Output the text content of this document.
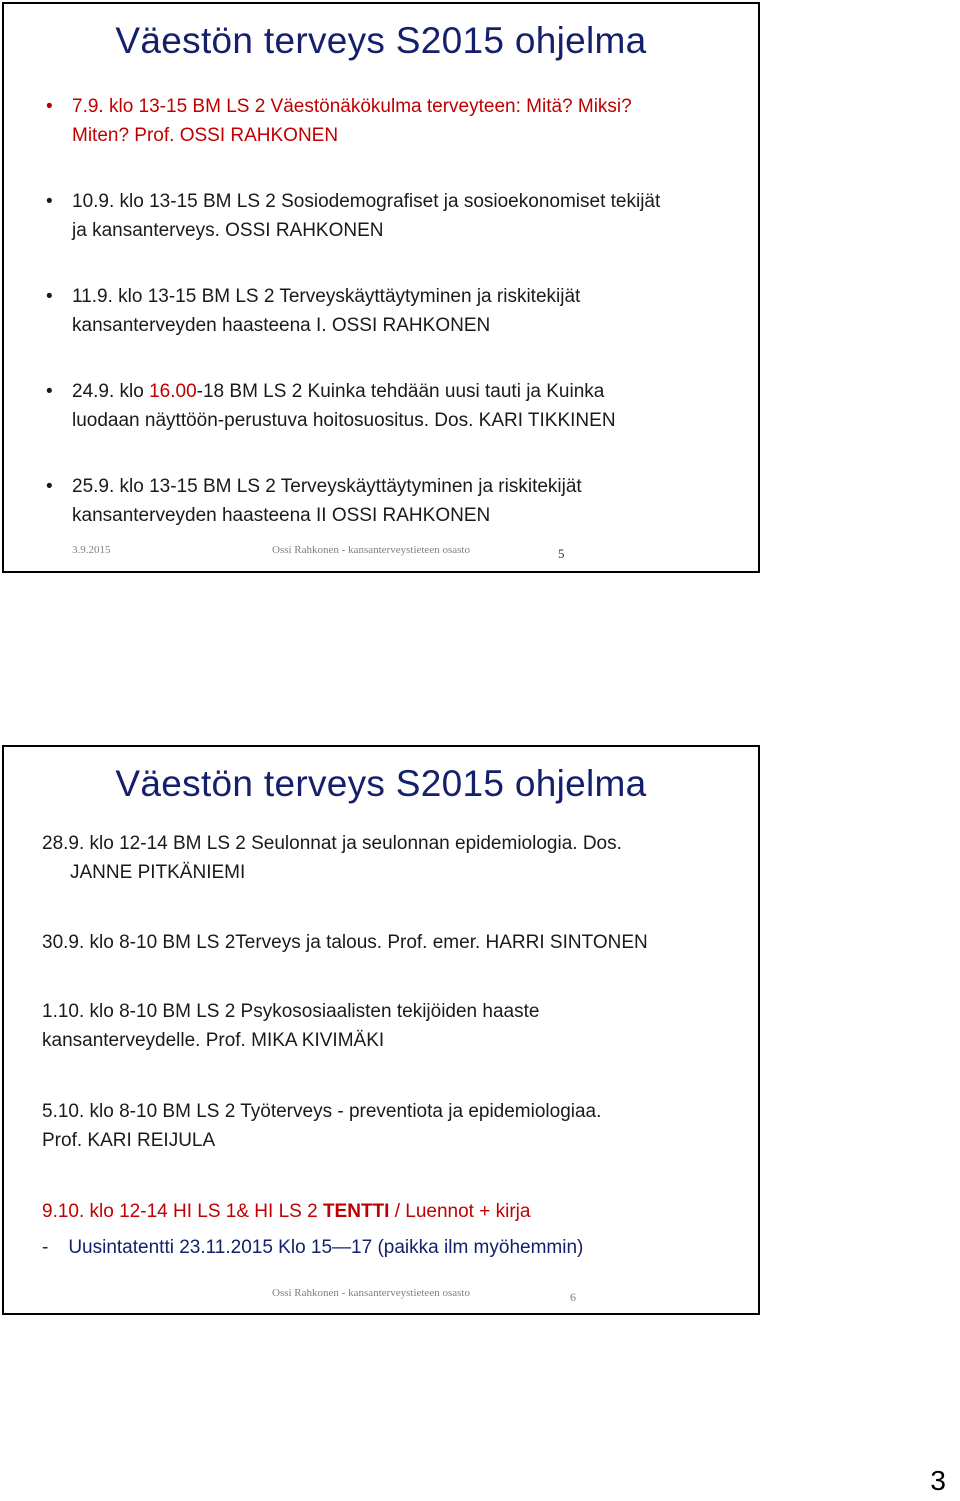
Väestön terveys S2015 ohjelma
• 7.9. klo 13-15 BM LS 2 Väestönäkökulma terveyteen: Mitä? Miksi?
Miten? Prof. OSSI RAHKONEN
• 10.9. klo 13-15 BM LS 2 Sosiodemografiset ja sosioekonomiset tekijät
ja kansanterveys. OSSI RAHKONEN
• 11.9. klo 13-15 BM LS 2 Terveyskäyttäytyminen ja riskitekijät
kansanterveyden haasteena I. OSSI RAHKONEN
• 24.9. klo 16.00-18 BM LS 2 Kuinka tehdään uusi tauti ja Kuinka
luodaan näyttöön-perustuva hoitosuositus. Dos. KARI TIKKINEN
• 25.9. klo 13-15 BM LS 2 Terveyskäyttäytyminen ja riskitekijät
kansanterveyden haasteena II OSSI RAHKONEN
3.9.2015	Ossi Rahkonen - kansanterveystieteen osasto	5
Väestön terveys S2015 ohjelma
28.9. klo 12-14 BM LS 2 Seulonnat ja seulonnan epidemiologia. Dos.
JANNE PITKÄNIEMI
30.9. klo 8-10 BM LS 2Terveys ja talous. Prof. emer. HARRI SINTONEN
1.10. klo 8-10 BM LS 2 Psykososiaalisten tekijöiden haaste
kansanterveydelle. Prof. MIKA KIVIMÄKI
5.10. klo 8-10 BM LS 2 Työterveys - preventiota ja epidemiologiaa.
Prof. KARI REIJULA
9.10. klo 12-14 HI LS 1& HI LS 2 TENTTI / Luennot + kirja
- Uusintatentti 23.11.2015 Klo 15—17 (paikka ilm myöhemmin)
Ossi Rahkonen - kansanterveystieteen osasto	6
3
